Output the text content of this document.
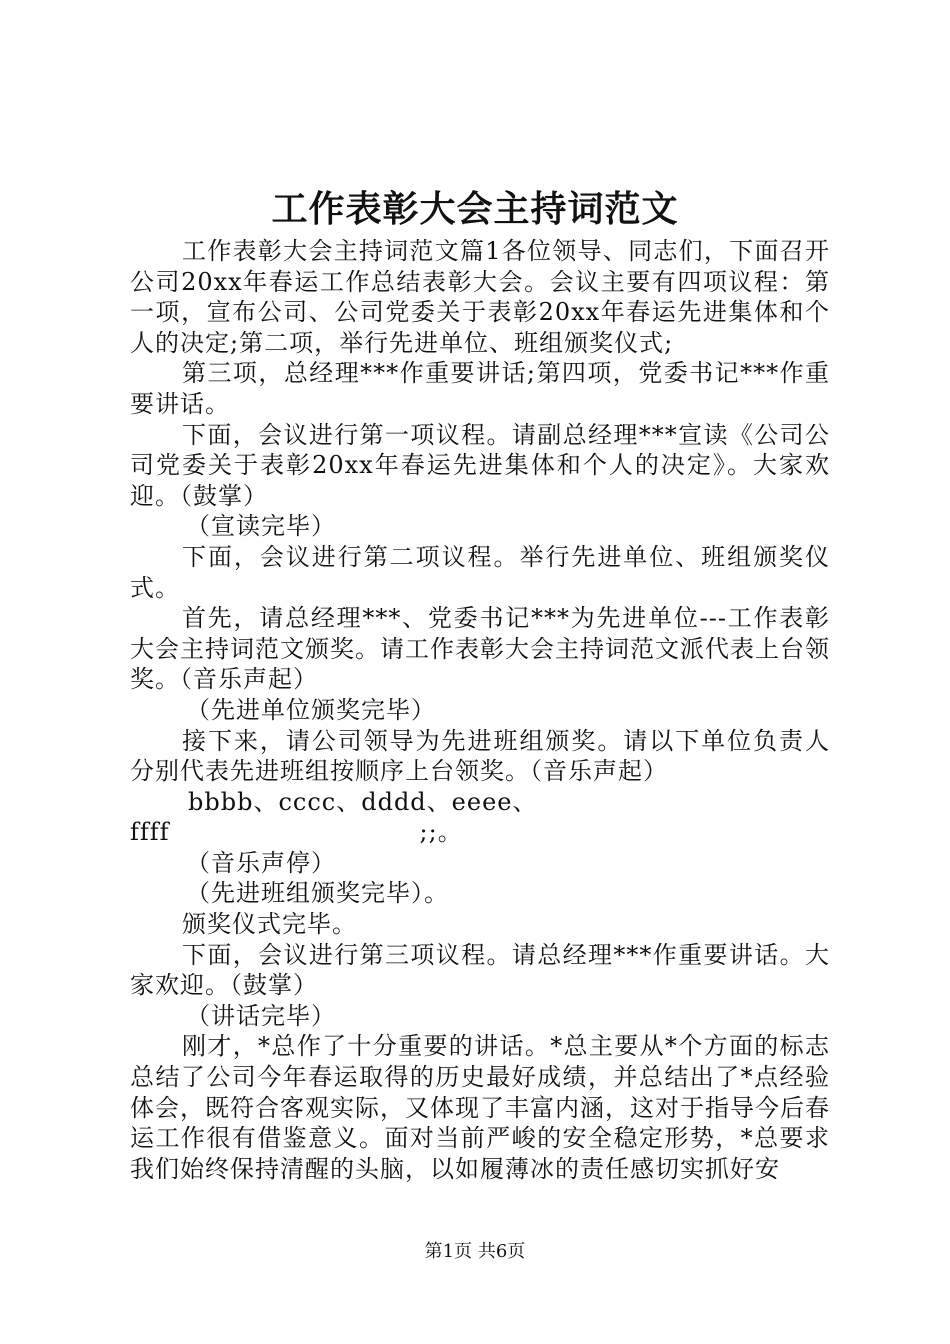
工作表彰大会主持词范文

工作表彰大会主持词范文篇1各位领导、同志们，下面召开公司20xx年春运工作总结表彰大会。会议主要有四项议程：第一项，宣布公司、公司党委关于表彰20xx年春运先进集体和个人的决定;第二项，举行先进单位、班组颁奖仪式;

第三项，总经理***作重要讲话;第四项，党委书记***作重要讲话。

下面，会议进行第一项议程。请副总经理***宣读《公司公司党委关于表彰20xx年春运先进集体和个人的决定》。大家欢迎。（鼓掌）

（宣读完毕）

下面，会议进行第二项议程。举行先进单位、班组颁奖仪式。

首先，请总经理***、党委书记***为先进单位---工作表彰大会主持词范文颁奖。请工作表彰大会主持词范文派代表上台领奖。（音乐声起）

（先进单位颁奖完毕）

接下来，请公司领导为先进班组颁奖。请以下单位负责人分别代表先进班组按顺序上台领奖。（音乐声起）

bbbb、cccc、dddd、eeee、ffff　　　　　　　　　　;;。

（音乐声停）

（先进班组颁奖完毕）。

颁奖仪式完毕。

下面，会议进行第三项议程。请总经理***作重要讲话。大家欢迎。（鼓掌）

（讲话完毕）

刚才，*总作了十分重要的讲话。*总主要从*个方面的标志总结了公司今年春运取得的历史最好成绩，并总结出了*点经验体会，既符合客观实际，又体现了丰富内涵，这对于指导今后春运工作很有借鉴意义。面对当前严峻的安全稳定形势，*总要求我们始终保持清醒的头脑，以如履薄冰的责任感切实抓好安

第1页 共6页
